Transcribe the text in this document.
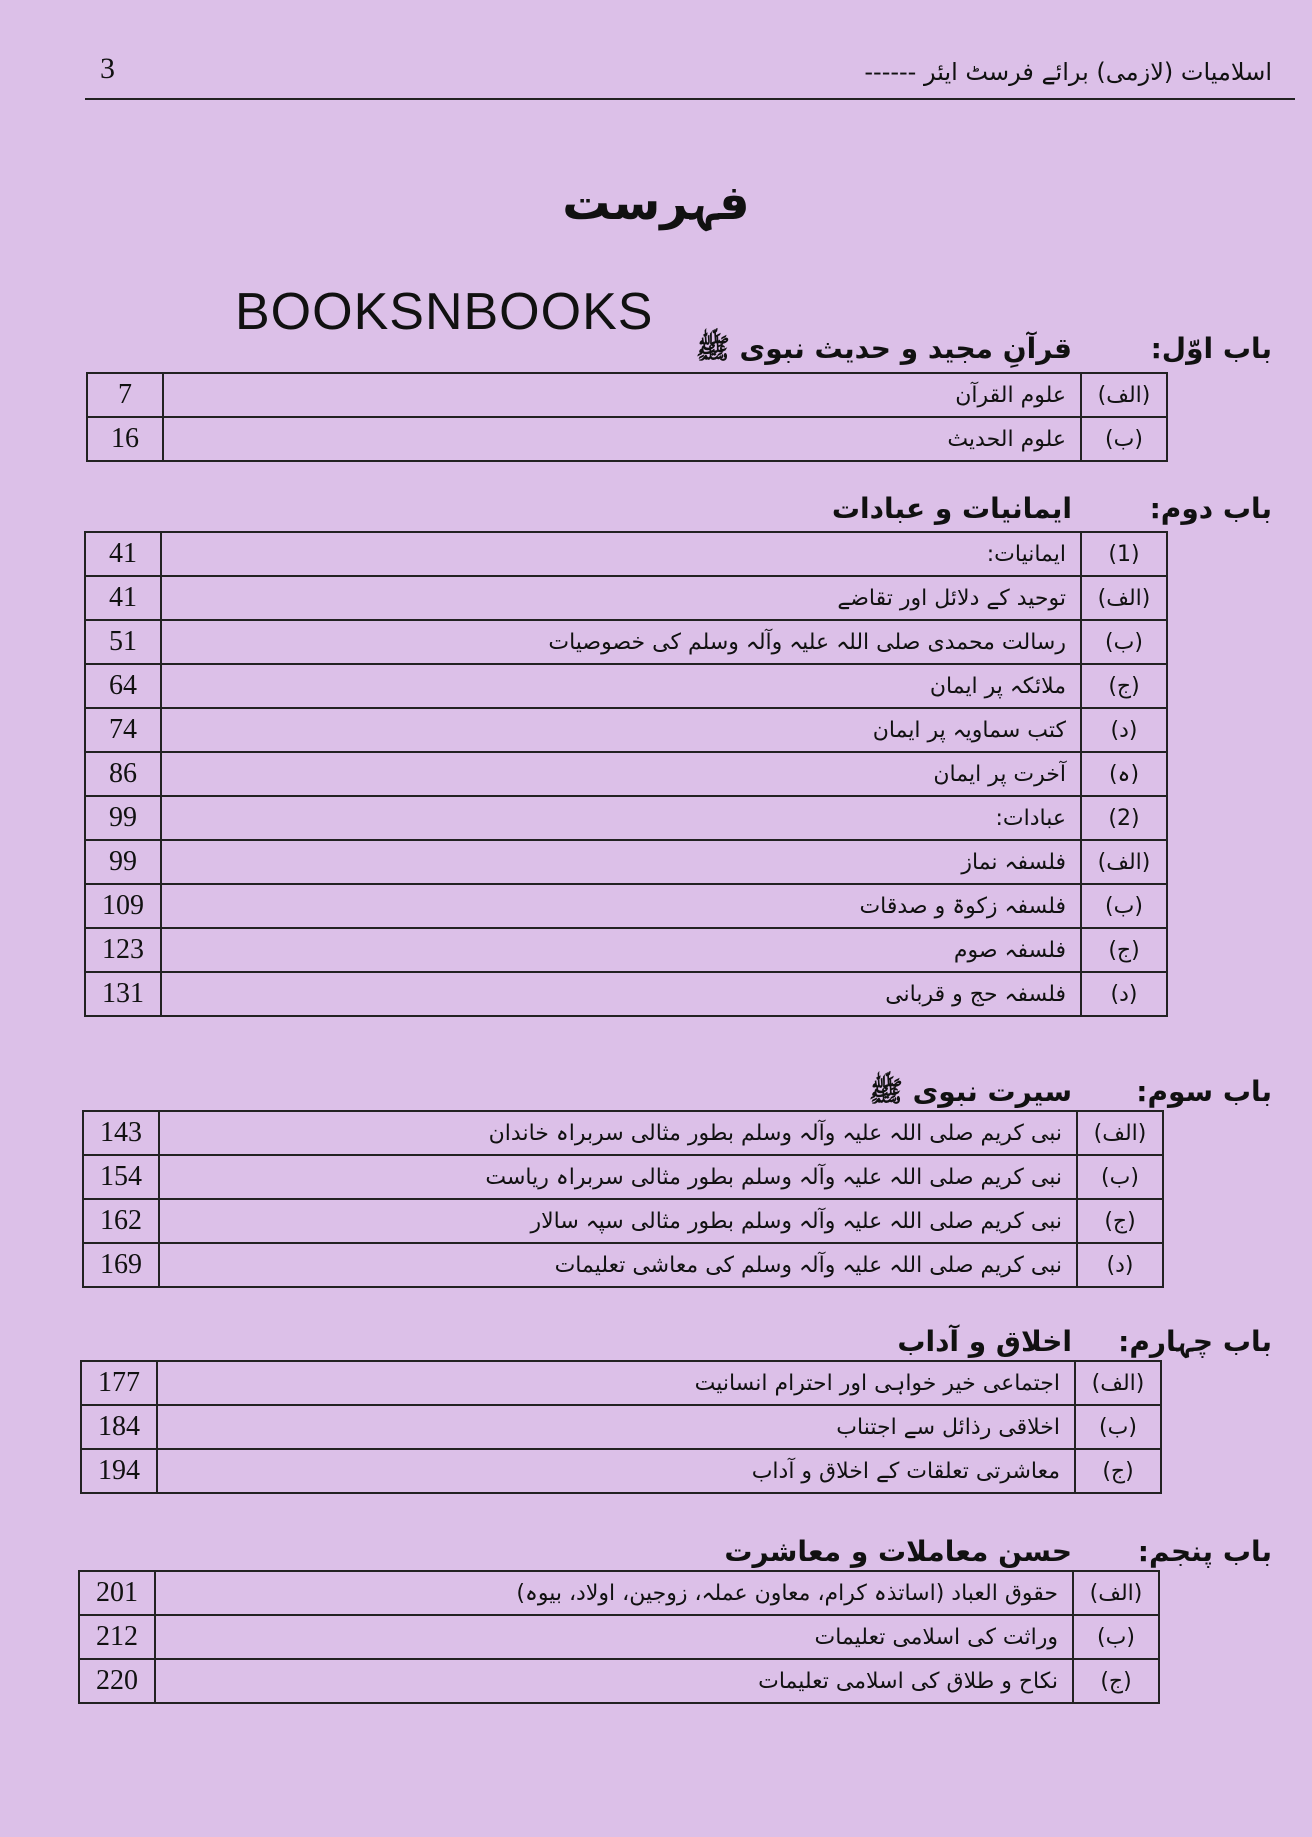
3	اسلامیات (لازمی) برائے فرسٹ ایئر ------
فہرست
BOOKSNBOOKS
باب اوّل:قرآنِ مجید و حدیث نبوی ﷺ
7	علوم القرآن	(الف)
16	علوم الحدیث	(ب)
باب دوم:ایمانیات و عبادات
41	ایمانیات:	(1)
41	توحید کے دلائل اور تقاضے	(الف)
51	رسالت محمدی صلی اللہ علیہ وآلہ وسلم کی خصوصیات	(ب)
64	ملائکہ پر ایمان	(ج)
74	کتب سماویہ پر ایمان	(د)
86	آخرت پر ایمان	(ہ)
99	عبادات:	(2)
99	فلسفہ نماز	(الف)
109	فلسفہ زکوۃ و صدقات	(ب)
123	فلسفہ صوم	(ج)
131	فلسفہ حج و قربانی	(د)
باب سوم:سیرت نبوی ﷺ
143	نبی کریم صلی اللہ علیہ وآلہ وسلم بطور مثالی سربراہ خاندان	(الف)
154	نبی کریم صلی اللہ علیہ وآلہ وسلم بطور مثالی سربراہ ریاست	(ب)
162	نبی کریم صلی اللہ علیہ وآلہ وسلم بطور مثالی سپہ سالار	(ج)
169	نبی کریم صلی اللہ علیہ وآلہ وسلم کی معاشی تعلیمات	(د)
باب چہارم:اخلاق و آداب
177	اجتماعی خیر خواہی اور احترام انسانیت	(الف)
184	اخلاقی رذائل سے اجتناب	(ب)
194	معاشرتی تعلقات کے اخلاق و آداب	(ج)
باب پنجم:حسن معاملات و معاشرت
201	حقوق العباد (اساتذہ کرام، معاون عملہ، زوجین، اولاد، بیوہ)	(الف)
212	وراثت کی اسلامی تعلیمات	(ب)
220	نکاح و طلاق کی اسلامی تعلیمات	(ج)
